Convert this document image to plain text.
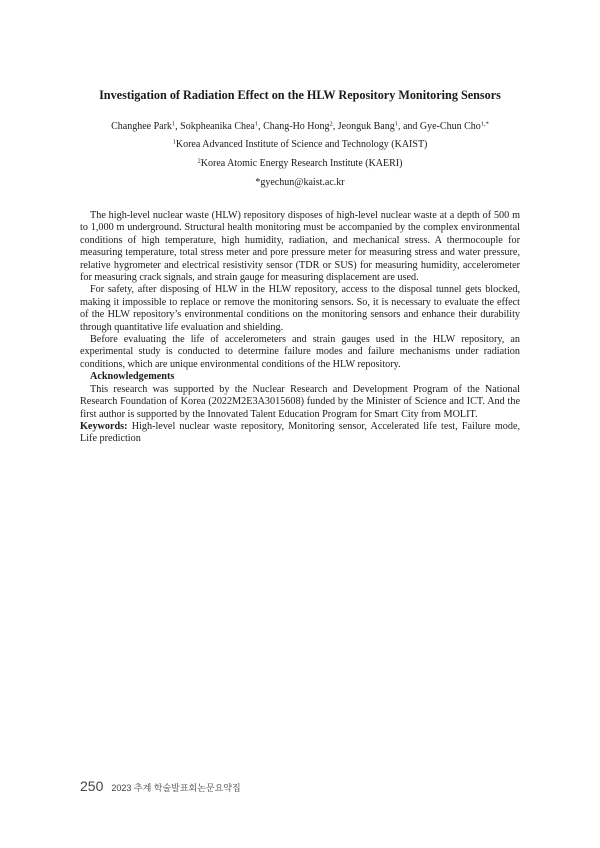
Investigation of Radiation Effect on the HLW Repository Monitoring Sensors
Changhee Park$^1$, Sokpheanika Chea$^1$, Chang-Ho Hong$^2$, Jeonguk Bang$^1$, and Gye-Chun Cho$^{1,*}$
$^1$Korea Advanced Institute of Science and Technology (KAIST)
$^2$Korea Atomic Energy Research Institute (KAERI)
*gyechun@kaist.ac.kr

The high-level nuclear waste (HLW) repository disposes of high-level nuclear waste at a depth of 500 m to 1,000 m underground. Structural health monitoring must be accompanied by the complex environmental conditions of high temperature, high humidity, radiation, and mechanical stress. A thermocouple for measuring temperature, total stress meter and pore pressure meter for measuring stress and water pressure, relative hygrometer and electrical resistivity sensor (TDR or SUS) for measuring humidity, accelerometer for measuring crack signals, and strain gauge for measuring displacement are used.

For safety, after disposing of HLW in the HLW repository, access to the disposal tunnel gets blocked, making it impossible to replace or remove the monitoring sensors. So, it is necessary to evaluate the effect of the HLW repository’s environmental conditions on the monitoring sensors and enhance their durability through quantitative life evaluation and shielding.

Before evaluating the life of accelerometers and strain gauges used in the HLW repository, an experimental study is conducted to determine failure modes and failure mechanisms under radiation conditions, which are unique environmental conditions of the HLW repository.

Acknowledgements

This research was supported by the Nuclear Research and Development Program of the National Research Foundation of Korea (2022M2E3A3015608) funded by the Minister of Science and ICT. And the first author is supported by the Innovated Talent Education Program for Smart City from MOLIT.

Keywords: High-level nuclear waste repository, Monitoring sensor, Accelerated life test, Failure mode, Life prediction

250 2023 추계 학술발표회논문요약집
